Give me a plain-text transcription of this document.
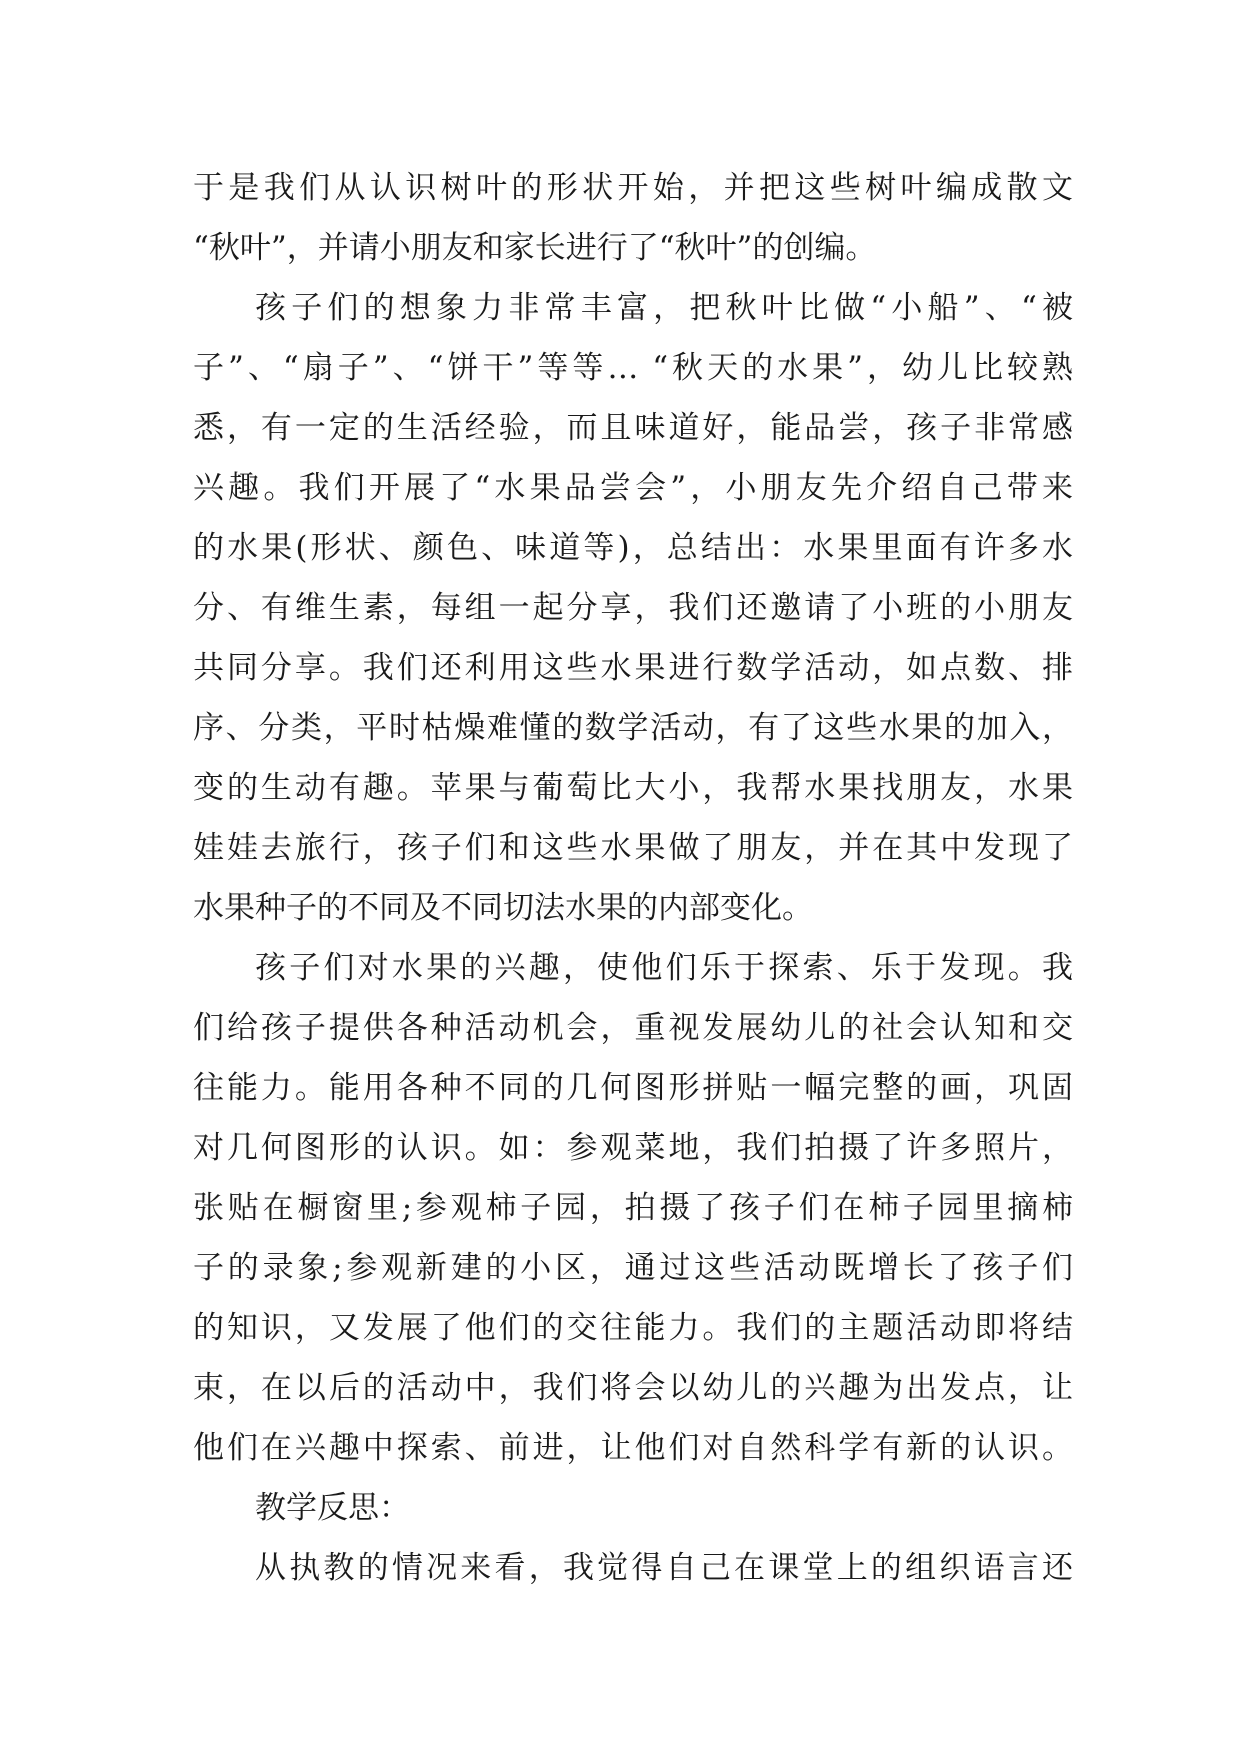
于是我们从认识树叶的形状开始，并把这些树叶编成散文
“秋叶”，并请小朋友和家长进行了“秋叶”的创编。
孩子们的想象力非常丰富，把秋叶比做“小船”、“被
子”、“扇子”、“饼干”等等… “秋天的水果”，幼儿比较熟
悉，有一定的生活经验，而且味道好，能品尝，孩子非常感
兴趣。我们开展了“水果品尝会”，小朋友先介绍自己带来
的水果(形状、颜色、味道等)，总结出：水果里面有许多水
分、有维生素，每组一起分享，我们还邀请了小班的小朋友
共同分享。我们还利用这些水果进行数学活动，如点数、排
序、分类，平时枯燥难懂的数学活动，有了这些水果的加入，
变的生动有趣。苹果与葡萄比大小，我帮水果找朋友，水果
娃娃去旅行，孩子们和这些水果做了朋友，并在其中发现了
水果种子的不同及不同切法水果的内部变化。
孩子们对水果的兴趣，使他们乐于探索、乐于发现。我
们给孩子提供各种活动机会，重视发展幼儿的社会认知和交
往能力。能用各种不同的几何图形拼贴一幅完整的画，巩固
对几何图形的认识。如：参观菜地，我们拍摄了许多照片，
张贴在橱窗里;参观柿子园，拍摄了孩子们在柿子园里摘柿
子的录象;参观新建的小区，通过这些活动既增长了孩子们
的知识，又发展了他们的交往能力。我们的主题活动即将结
束，在以后的活动中，我们将会以幼儿的兴趣为出发点，让
他们在兴趣中探索、前进，让他们对自然科学有新的认识。
教学反思：
从执教的情况来看，我觉得自己在课堂上的组织语言还
